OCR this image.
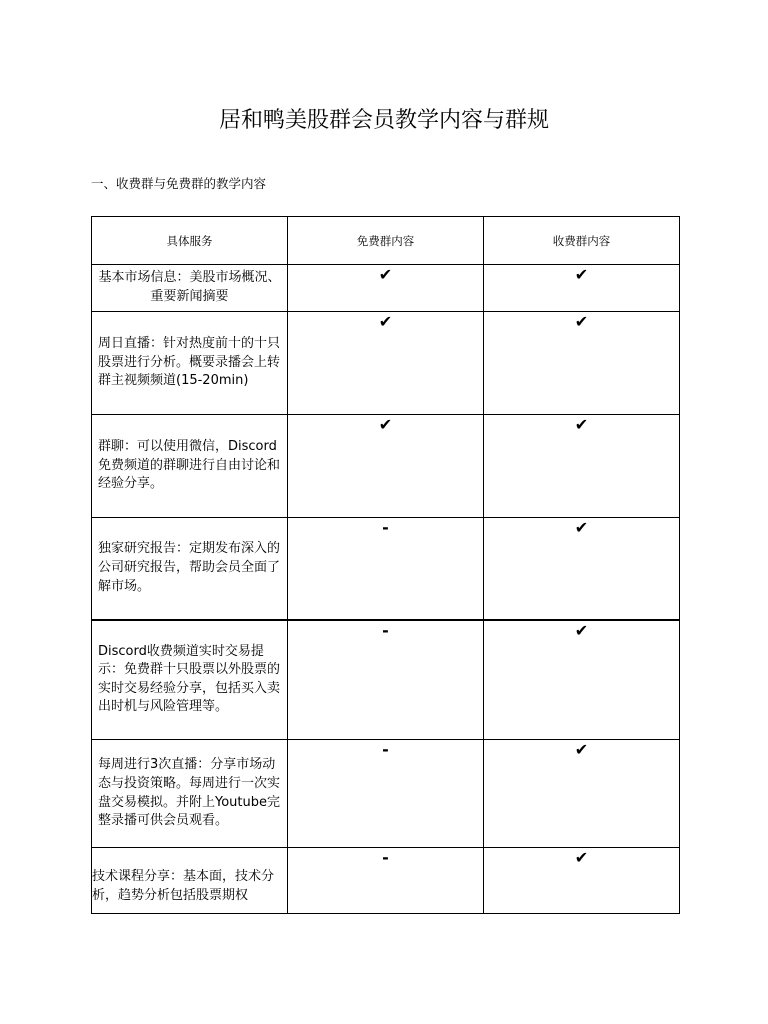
居和鸭美股群会员教学内容与群规
一、收费群与免费群的教学内容
具体服务	免费群内容	收费群内容
基本市场信息：美股市场概况、重要新闻摘要	✔	✔
周日直播：针对热度前十的十只股票进行分析。概要录播会上转群主视频频道(15-20min)	✔	✔
群聊：可以使用微信，Discord免费频道的群聊进行自由讨论和经验分享。	✔	✔
独家研究报告：定期发布深入的公司研究报告，帮助会员全面了解市场。	-	✔
Discord收费频道实时交易提示：免费群十只股票以外股票的实时交易经验分享，包括买入卖出时机与风险管理等。	-	✔
每周进行3次直播：分享市场动态与投资策略。每周进行一次实盘交易模拟。并附上Youtube完整录播可供会员观看。	-	✔
技术课程分享：基本面，技术分析，趋势分析包括股票期权	-	✔
